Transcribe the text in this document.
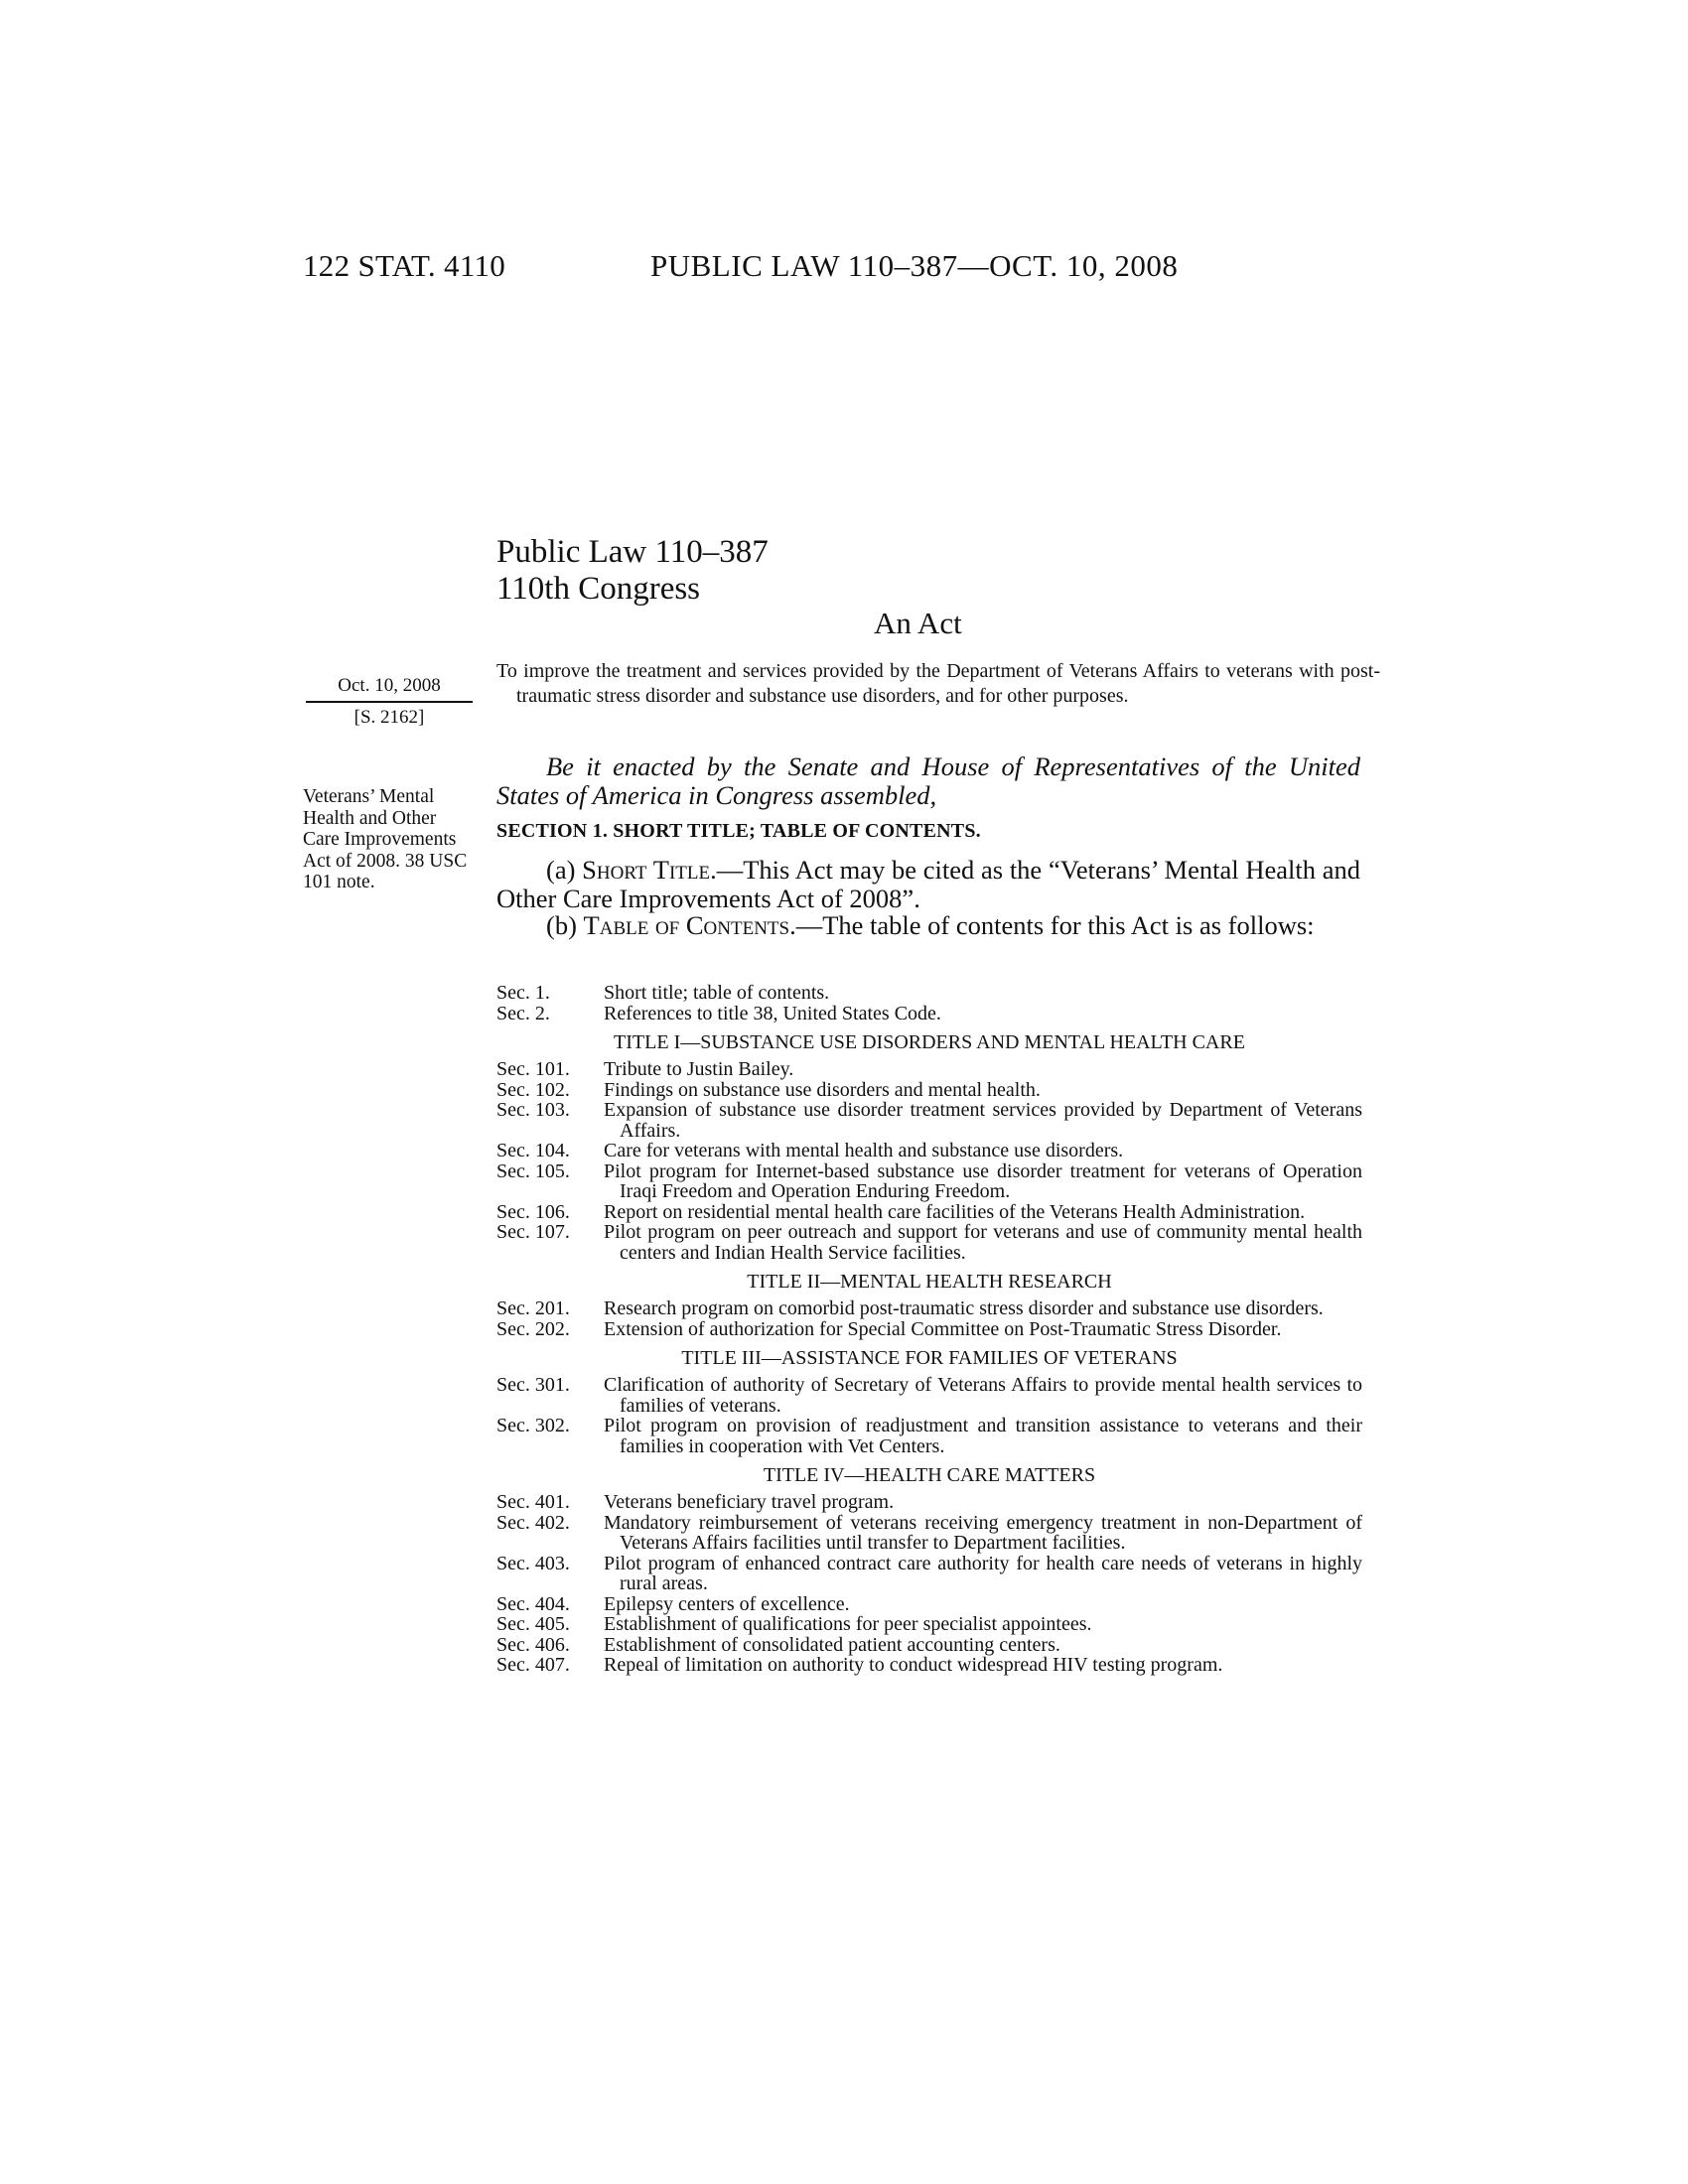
122 STAT. 4110	PUBLIC LAW 110–387—OCT. 10, 2008
Public Law 110–387
110th Congress
An Act
Oct. 10, 2008
[S. 2162]
Veterans’ Mental Health and Other Care Improvements Act of 2008. 38 USC 101 note.
To improve the treatment and services provided by the Department of Veterans Affairs to veterans with post-traumatic stress disorder and substance use disorders, and for other purposes.
Be it enacted by the Senate and House of Representatives of the United States of America in Congress assembled,
SECTION 1. SHORT TITLE; TABLE OF CONTENTS.
(a) Short Title.—This Act may be cited as the “Veterans’ Mental Health and Other Care Improvements Act of 2008”.
(b) Table of Contents.—The table of contents for this Act is as follows:
Sec. 1.	Short title; table of contents.
Sec. 2.	References to title 38, United States Code.
TITLE I—SUBSTANCE USE DISORDERS AND MENTAL HEALTH CARE
Sec. 101.	Tribute to Justin Bailey.
Sec. 102.	Findings on substance use disorders and mental health.
Sec. 103.	Expansion of substance use disorder treatment services provided by Department of Veterans Affairs.
Sec. 104.	Care for veterans with mental health and substance use disorders.
Sec. 105.	Pilot program for Internet-based substance use disorder treatment for veterans of Operation Iraqi Freedom and Operation Enduring Freedom.
Sec. 106.	Report on residential mental health care facilities of the Veterans Health Administration.
Sec. 107.	Pilot program on peer outreach and support for veterans and use of community mental health centers and Indian Health Service facilities.
TITLE II—MENTAL HEALTH RESEARCH
Sec. 201.	Research program on comorbid post-traumatic stress disorder and substance use disorders.
Sec. 202.	Extension of authorization for Special Committee on Post-Traumatic Stress Disorder.
TITLE III—ASSISTANCE FOR FAMILIES OF VETERANS
Sec. 301.	Clarification of authority of Secretary of Veterans Affairs to provide mental health services to families of veterans.
Sec. 302.	Pilot program on provision of readjustment and transition assistance to veterans and their families in cooperation with Vet Centers.
TITLE IV—HEALTH CARE MATTERS
Sec. 401.	Veterans beneficiary travel program.
Sec. 402.	Mandatory reimbursement of veterans receiving emergency treatment in non-Department of Veterans Affairs facilities until transfer to Department facilities.
Sec. 403.	Pilot program of enhanced contract care authority for health care needs of veterans in highly rural areas.
Sec. 404.	Epilepsy centers of excellence.
Sec. 405.	Establishment of qualifications for peer specialist appointees.
Sec. 406.	Establishment of consolidated patient accounting centers.
Sec. 407.	Repeal of limitation on authority to conduct widespread HIV testing program.
